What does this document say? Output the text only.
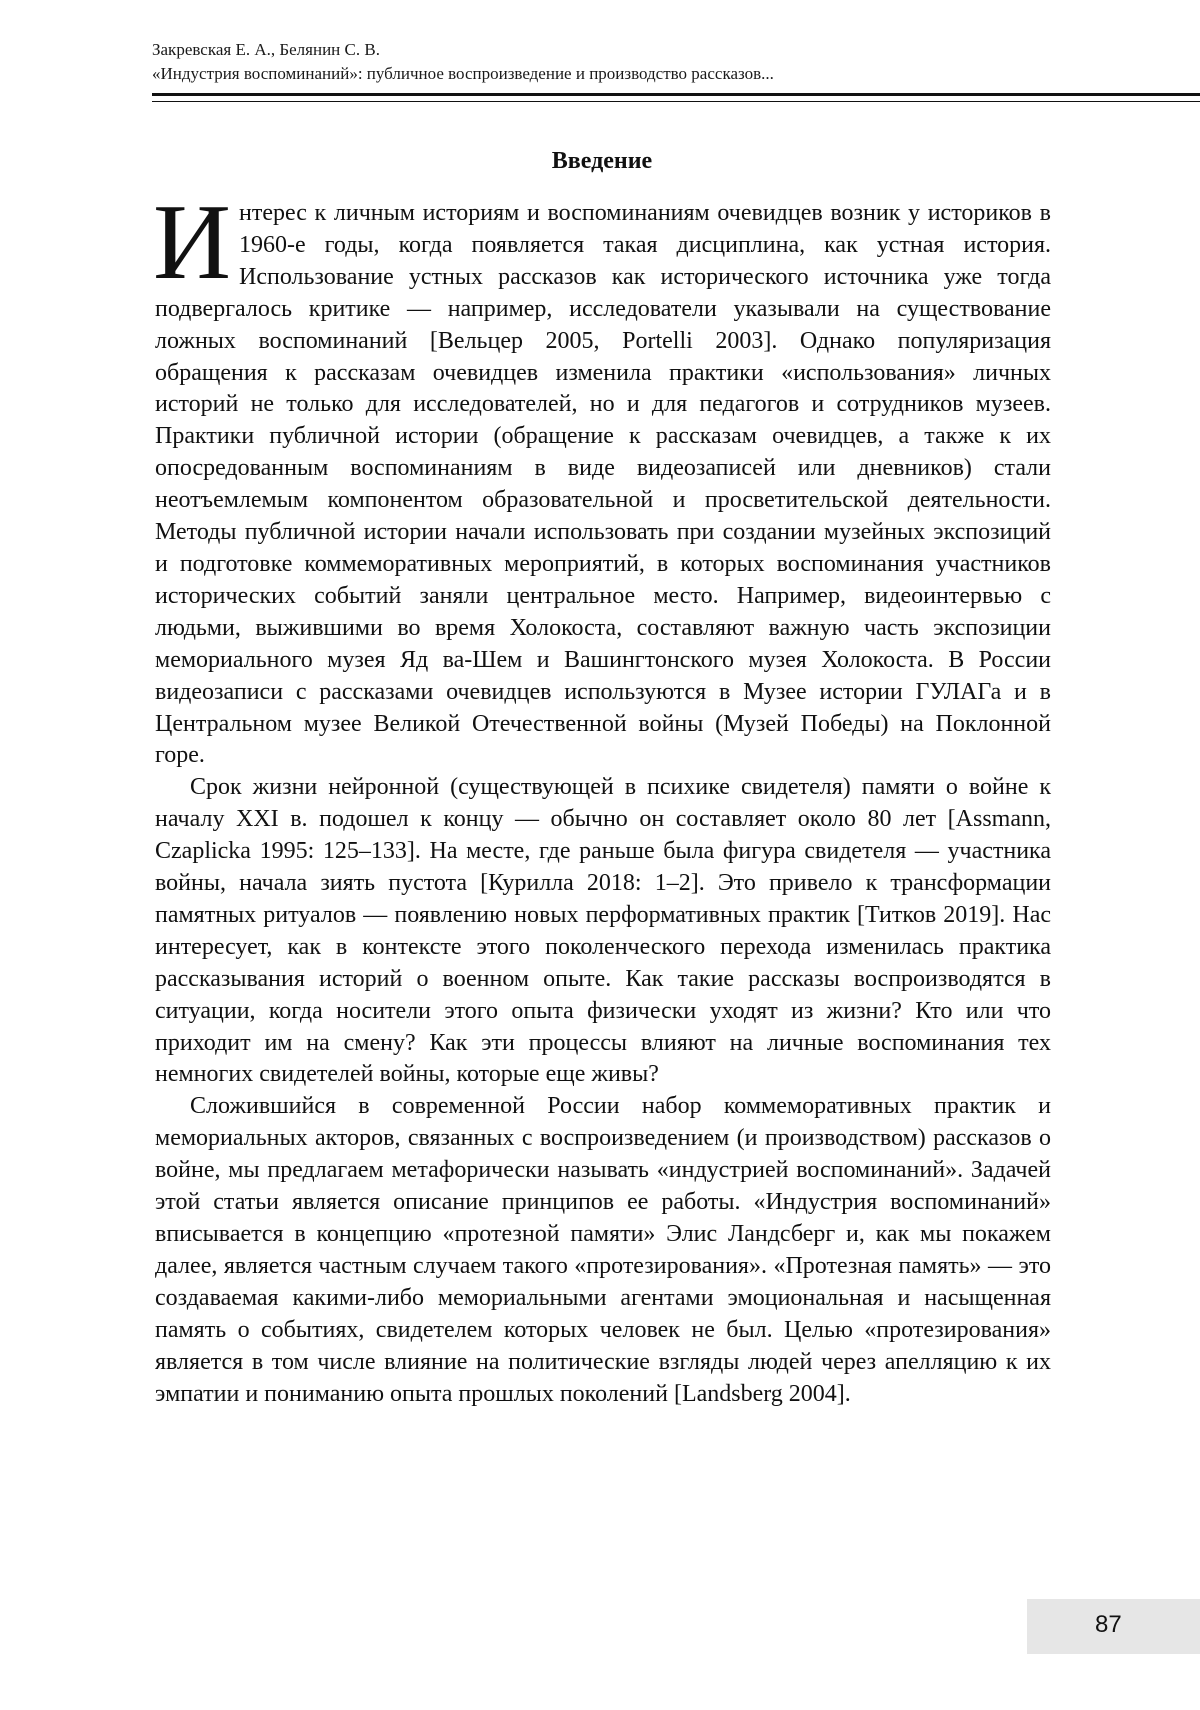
Закревская Е. А., Белянин С. В.
«Индустрия воспоминаний»: публичное воспроизведение и производство рассказов...
Введение

Интерес к личным историям и воспоминаниям очевидцев возник у историков в 1960-е годы, когда появляется такая дисциплина, как устная история. Использование устных рассказов как исторического источника уже тогда подвергалось критике — например, исследователи указывали на существование ложных воспоминаний [Вельцер 2005, Portelli 2003]. Однако популяризация обращения к рассказам очевидцев изменила практики «использования» личных историй не только для исследователей, но и для педагогов и сотрудников музеев. Практики публичной истории (обращение к рассказам очевидцев, а также к их опосредованным воспоминаниям в виде видеозаписей или дневников) стали неотъемлемым компонентом образовательной и просветительской деятельности. Методы публичной истории начали использовать при создании музейных экспозиций и подготовке коммеморативных мероприятий, в которых воспоминания участников исторических событий заняли центральное место. Например, видеоинтервью с людьми, выжившими во время Холокоста, составляют важную часть экспозиции мемориального музея Яд ва-Шем и Вашингтонского музея Холокоста. В России видеозаписи с рассказами очевидцев используются в Музее истории ГУЛАГа и в Центральном музее Великой Отечественной войны (Музей Победы) на Поклонной горе.

Срок жизни нейронной (существующей в психике свидетеля) памяти о войне к началу XXI в. подошел к концу — обычно он составляет около 80 лет [Assmann, Czaplicka 1995: 125–133]. На месте, где раньше была фигура свидетеля — участника войны, начала зиять пустота [Курилла 2018: 1–2]. Это привело к трансформации памятных ритуалов — появлению новых перформативных практик [Титков 2019]. Нас интересует, как в контексте этого поколенческого перехода изменилась практика рассказывания историй о военном опыте. Как такие рассказы воспроизводятся в ситуации, когда носители этого опыта физически уходят из жизни? Кто или что приходит им на смену? Как эти процессы влияют на личные воспоминания тех немногих свидетелей войны, которые еще живы?

Сложившийся в современной России набор коммеморативных практик и мемориальных акторов, связанных с воспроизведением (и производством) рассказов о войне, мы предлагаем метафорически называть «индустрией воспоминаний». Задачей этой статьи является описание принципов ее работы. «Индустрия воспоминаний» вписывается в концепцию «протезной памяти» Элис Ландсберг и, как мы покажем далее, является частным случаем такого «протезирования». «Протезная память» — это создаваемая какими-либо мемориальными агентами эмоциональная и насыщенная память о событиях, свидетелем которых человек не был. Целью «протезирования» является в том числе влияние на политические взгляды людей через апелляцию к их эмпатии и пониманию опыта прошлых поколений [Landsberg 2004].

87
